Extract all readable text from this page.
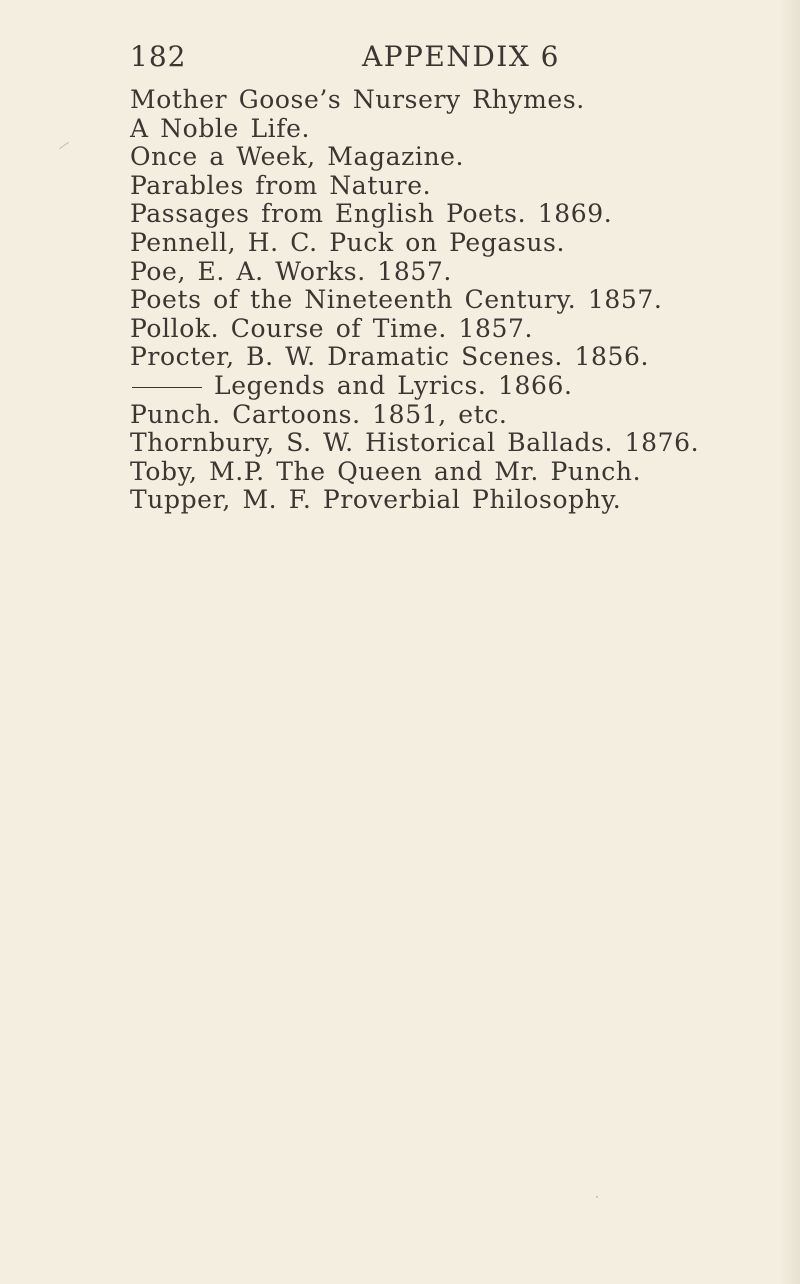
182	APPENDIX 6
Mother Goose’s Nursery Rhymes.
A Noble Life.
Once a Week, Magazine.
Parables from Nature.
Passages from English Poets. 1869.
Pennell, H. C. Puck on Pegasus.
Poe, E. A. Works. 1857.
Poets of the Nineteenth Century. 1857.
Pollok. Course of Time. 1857.
Procter, B. W. Dramatic Scenes. 1856.
Legends and Lyrics. 1866.
Punch. Cartoons. 1851, etc.
Thornbury, S. W. Historical Ballads. 1876.
Toby, M.P. The Queen and Mr. Punch.
Tupper, M. F. Proverbial Philosophy.
